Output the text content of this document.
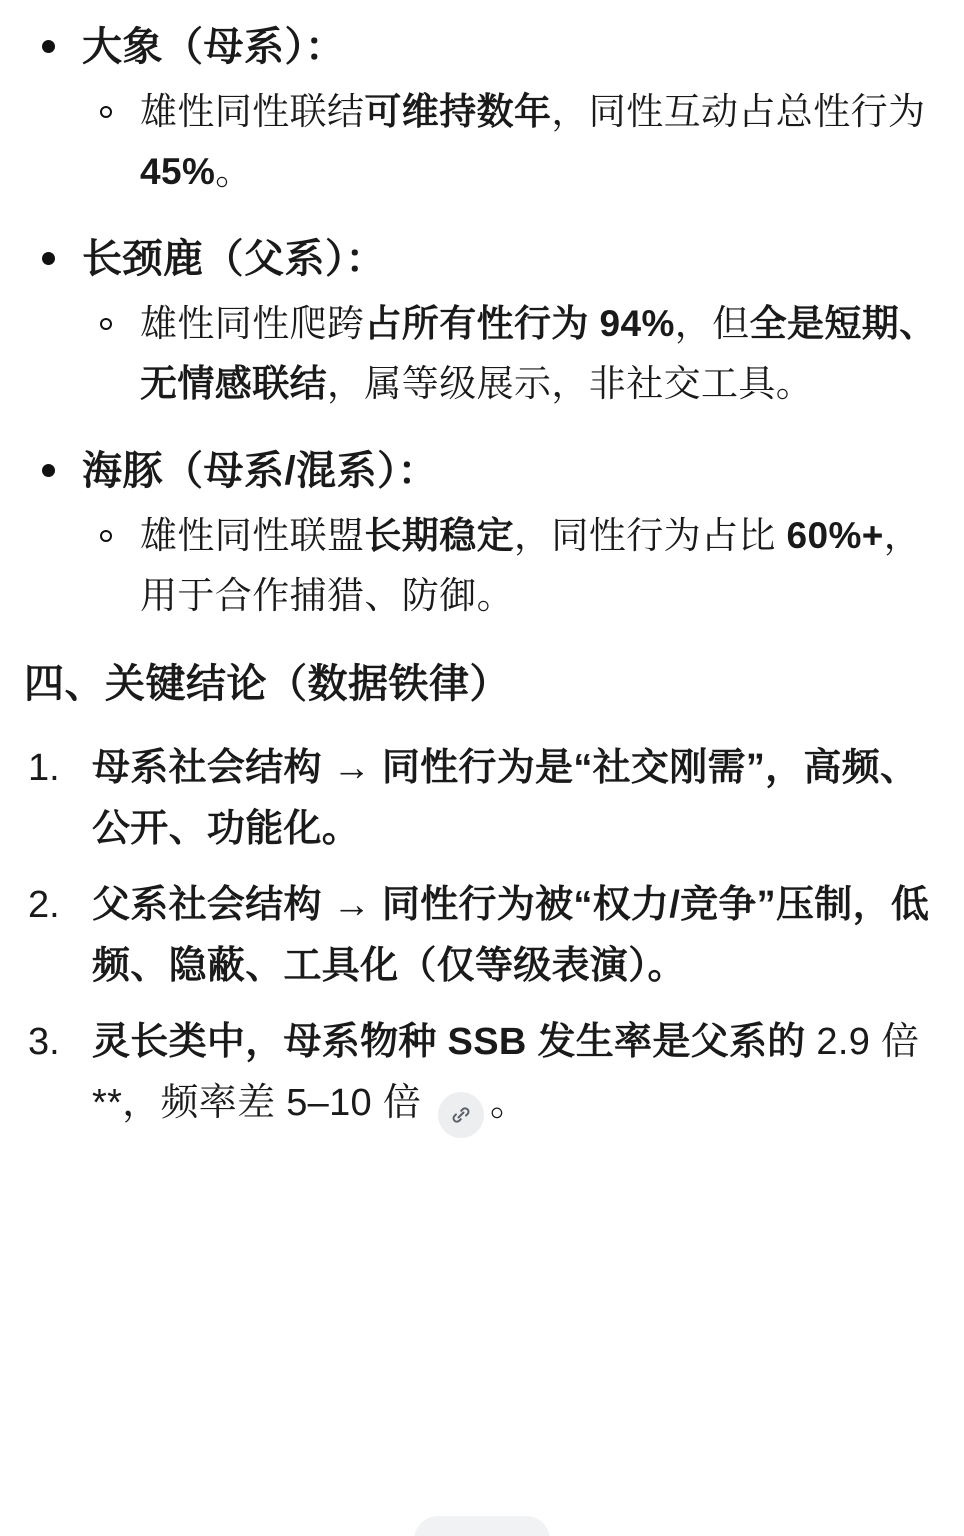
大象（母系）：
雄性同性联结可维持数年，同性互动占总性行为 45%。
长颈鹿（父系）：
雄性同性爬跨占所有性行为 94%，但全是短期、无情感联结，属等级展示，非社交工具。
海豚（母系/混系）：
雄性同性联盟长期稳定，同性行为占比 60%+，用于合作捕猎、防御。
四、关键结论（数据铁律）
1. 母系社会结构 → 同性行为是“社交刚需”，高频、公开、功能化。
2. 父系社会结构 → 同性行为被“权力/竞争”压制，低频、隐蔽、工具化（仅等级表演）。
3. 灵长类中，母系物种 SSB 发生率是父系的 2.9 倍**，频率差 5–10 倍
。
